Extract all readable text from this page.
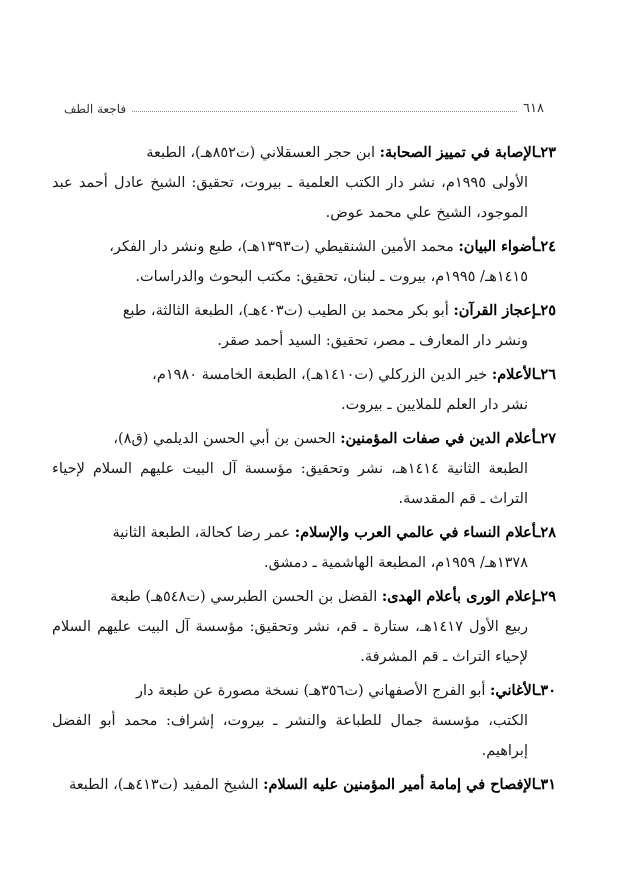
٦١٨
فاجعة الطف

٢٣ـالإصابة في تمييز الصحابة: ابن حجر العسقلاني (ت٨٥٢هـ)، الطبعة
الأولى ١٩٩٥م، نشر دار الكتب العلمية ـ بيروت، تحقيق: الشيخ عادل أحمد عبد الموجود، الشيخ علي محمد عوض.

٢٤ـأضواء البيان: محمد الأمين الشنقيطي (ت١٣٩٣هـ)، طبع ونشر دار الفكر،
١٤١٥هـ/ ١٩٩٥م، بيروت ـ لبنان، تحقيق: مكتب البحوث والدراسات.

٢٥ـإعجاز القرآن: أبو بكر محمد بن الطيب (ت٤٠٣هـ)، الطبعة الثالثة، طبع
ونشر دار المعارف ـ مصر، تحقيق: السيد أحمد صقر.

٢٦ـالأعلام: خير الدين الزركلي (ت١٤١٠هـ)، الطبعة الخامسة ١٩٨٠م،
نشر دار العلم للملايين ـ بيروت.

٢٧ـأعلام الدين في صفات المؤمنين: الحسن بن أبي الحسن الديلمي (ق٨)،
الطبعة الثانية ١٤١٤هـ، نشر وتحقيق: مؤسسة آل البيت عليهم السلام لإحياء التراث ـ قم المقدسة.

٢٨ـأعلام النساء في عالمي العرب والإسلام: عمر رضا كحالة، الطبعة الثانية
١٣٧٨هـ/ ١٩٥٩م، المطبعة الهاشمية ـ دمشق.

٢٩ـإعلام الورى بأعلام الهدى: الفضل بن الحسن الطبرسي (ت٥٤٨هـ) طبعة
ربيع الأول ١٤١٧هـ، ستارة ـ قم، نشر وتحقيق: مؤسسة آل البيت عليهم السلام لإحياء التراث ـ قم المشرفة.

٣٠ـالأغاني: أبو الفرج الأصفهاني (ت٣٥٦هـ) نسخة مصورة عن طبعة دار
الكتب، مؤسسة جمال للطباعة والنشر ـ بيروت، إشراف: محمد أبو الفضل إبراهيم.

٣١ـالإفصاح في إمامة أمير المؤمنين عليه السلام: الشيخ المفيد (ت٤١٣هـ)، الطبعة
